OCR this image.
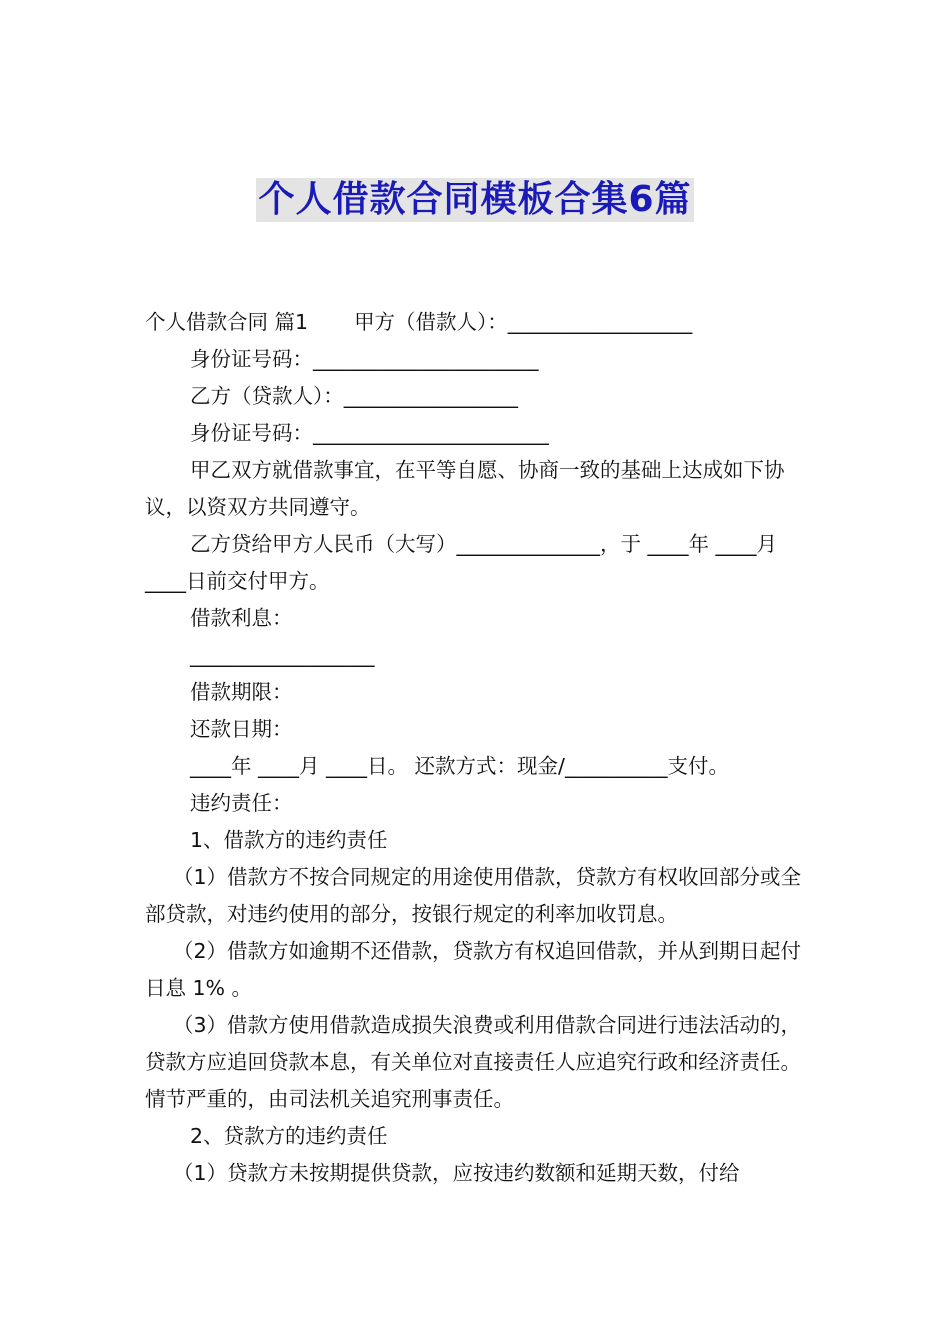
个人借款合同模板合集6篇

个人借款合同 篇1 甲方（借款人）：__________________

身份证号码：______________________

乙方（贷款人）：_________________

身份证号码：_______________________

甲乙双方就借款事宜，在平等自愿、协商一致的基础上达成如下协议，以资双方共同遵守。

乙方贷给甲方人民币（大写）______________，于 ____年 ____月 ____日前交付甲方。

借款利息：

__________________

借款期限：

还款日期：

____年 ____月 ____日。 还款方式：现金/__________支付。

违约责任：

1、借款方的违约责任

（1）借款方不按合同规定的用途使用借款，贷款方有权收回部分或全部贷款，对违约使用的部分，按银行规定的利率加收罚息。

（2）借款方如逾期不还借款，贷款方有权追回借款，并从到期日起付日息 1% 。

（3）借款方使用借款造成损失浪费或利用借款合同进行违法活动的，贷款方应追回贷款本息，有关单位对直接责任人应追究行政和经济责任。情节严重的，由司法机关追究刑事责任。

2、贷款方的违约责任

（1）贷款方未按期提供贷款，应按违约数额和延期天数，付给
